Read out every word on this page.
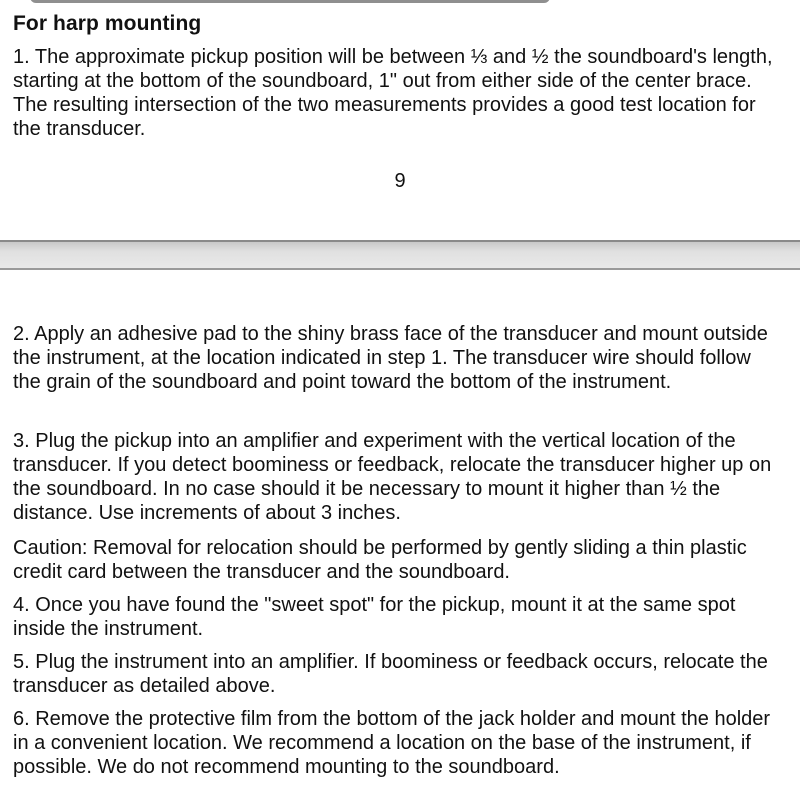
For harp mounting

1. The approximate pickup position will be between ⅓ and ½ the soundboard's length, starting at the bottom of the soundboard, 1" out from either side of the center brace. The resulting intersection of the two measurements provides a good test location for the transducer.

9

2. Apply an adhesive pad to the shiny brass face of the transducer and mount outside the instrument, at the location indicated in step 1. The transducer wire should follow the grain of the soundboard and point toward the bottom of the instrument.

3. Plug the pickup into an amplifier and experiment with the vertical location of the transducer. If you detect boominess or feedback, relocate the transducer higher up on the soundboard. In no case should it be necessary to mount it higher than ½ the distance. Use increments of about 3 inches.

Caution: Removal for relocation should be performed by gently sliding a thin plastic credit card between the transducer and the soundboard.

4. Once you have found the "sweet spot" for the pickup, mount it at the same spot inside the instrument.

5. Plug the instrument into an amplifier. If boominess or feedback occurs, relocate the transducer as detailed above.

6. Remove the protective film from the bottom of the jack holder and mount the holder in a convenient location. We recommend a location on the base of the instrument, if possible. We do not recommend mounting to the soundboard.
